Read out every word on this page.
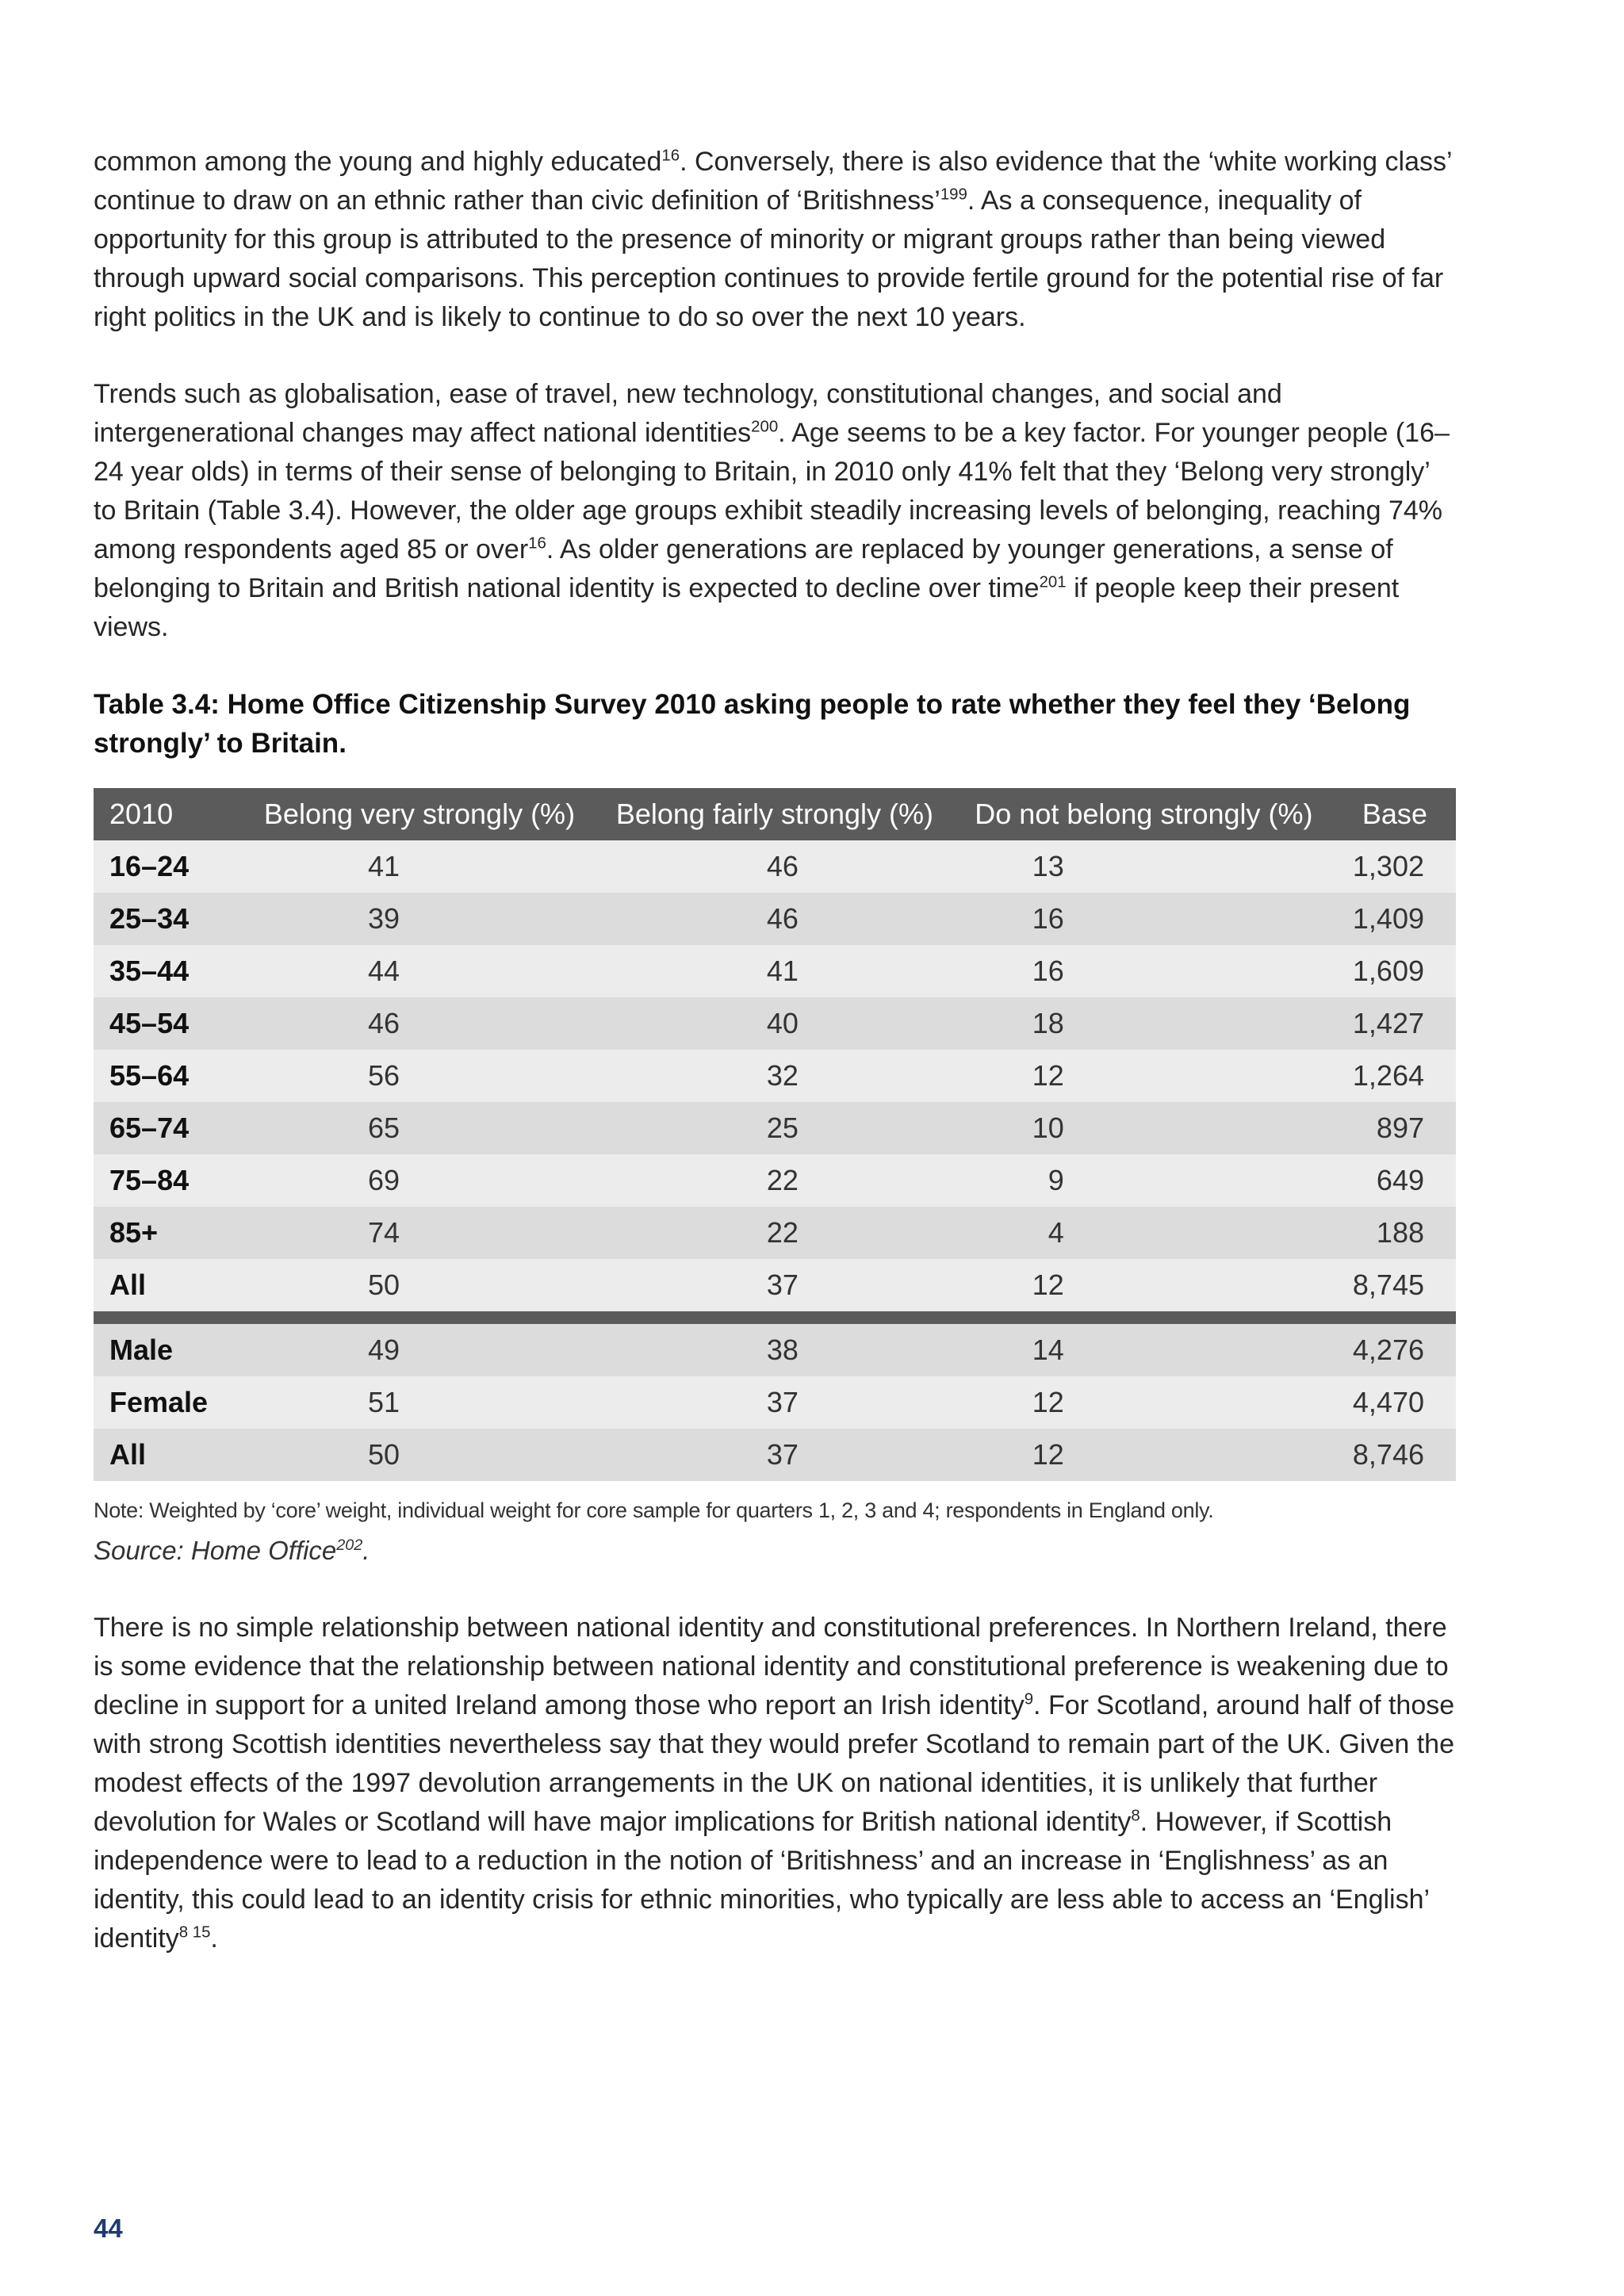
common among the young and highly educated$^{16}$. Conversely, there is also evidence that the ‘white working class’ continue to draw on an ethnic rather than civic definition of ‘Britishness’$^{199}$. As a consequence, inequality of opportunity for this group is attributed to the presence of minority or migrant groups rather than being viewed through upward social comparisons. This perception continues to provide fertile ground for the potential rise of far right politics in the UK and is likely to continue to do so over the next 10 years.

Trends such as globalisation, ease of travel, new technology, constitutional changes, and social and intergenerational changes may affect national identities$^{200}$. Age seems to be a key factor. For younger people (16–24 year olds) in terms of their sense of belonging to Britain, in 2010 only 41% felt that they ‘Belong very strongly’ to Britain (Table 3.4). However, the older age groups exhibit steadily increasing levels of belonging, reaching 74% among respondents aged 85 or over$^{16}$. As older generations are replaced by younger generations, a sense of belonging to Britain and British national identity is expected to decline over time$^{201}$ if people keep their present views.

Table 3.4: Home Office Citizenship Survey 2010 asking people to rate whether they feel they ‘Belong strongly’ to Britain.

2010	Belong very strongly (%)	Belong fairly strongly (%)	Do not belong strongly (%)	Base
16–24	41	46	13	1,302
25–34	39	46	16	1,409
35–44	44	41	16	1,609
45–54	46	40	18	1,427
55–64	56	32	12	1,264
65–74	65	25	10	897
75–84	69	22	9	649
85+	74	22	4	188
All	50	37	12	8,745

Male	49	38	14	4,276
Female	51	37	12	4,470
All	50	37	12	8,746
Note: Weighted by ‘core’ weight, individual weight for core sample for quarters 1, 2, 3 and 4; respondents in England only.
Source: Home Office$^{202}$.

There is no simple relationship between national identity and constitutional preferences. In Northern Ireland, there is some evidence that the relationship between national identity and constitutional preference is weakening due to decline in support for a united Ireland among those who report an Irish identity$^9$. For Scotland, around half of those with strong Scottish identities nevertheless say that they would prefer Scotland to remain part of the UK. Given the modest effects of the 1997 devolution arrangements in the UK on national identities, it is unlikely that further devolution for Wales or Scotland will have major implications for British national identity$^8$. However, if Scottish independence were to lead to a reduction in the notion of ‘Britishness’ and an increase in ‘Englishness’ as an identity, this could lead to an identity crisis for ethnic minorities, who typically are less able to access an ‘English’ identity$^{8 15}$.

44
